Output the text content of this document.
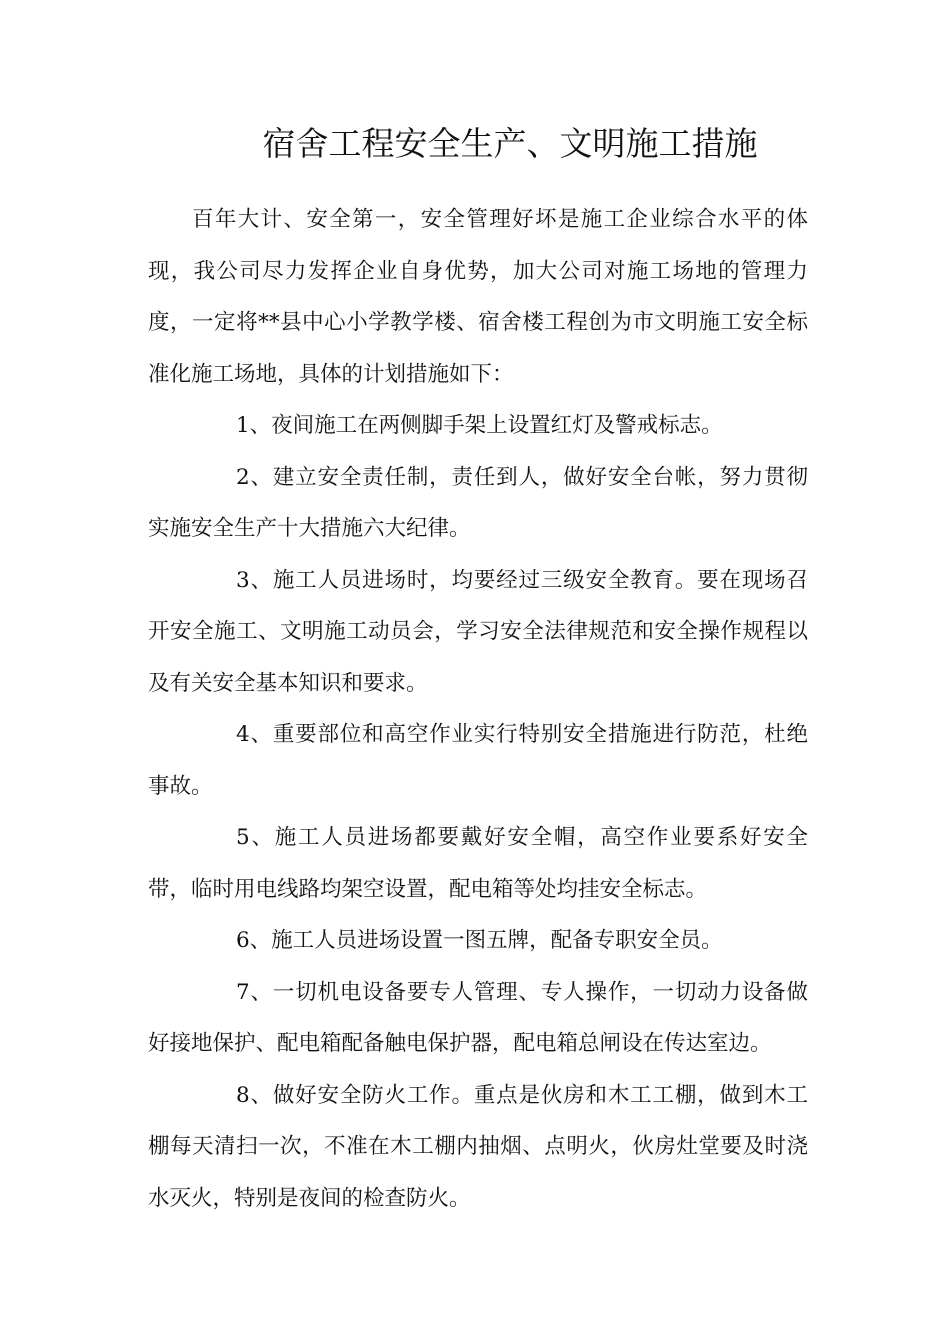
宿舍工程安全生产、文明施工措施

百年大计、安全第一，安全管理好坏是施工企业综合水平的体现，我公司尽力发挥企业自身优势，加大公司对施工场地的管理力度，一定将**县中心小学教学楼、宿舍楼工程创为市文明施工安全标准化施工场地，具体的计划措施如下：

1、夜间施工在两侧脚手架上设置红灯及警戒标志。

2、建立安全责任制，责任到人，做好安全台帐，努力贯彻实施安全生产十大措施六大纪律。

3、施工人员进场时，均要经过三级安全教育。要在现场召开安全施工、文明施工动员会，学习安全法律规范和安全操作规程以及有关安全基本知识和要求。

4、重要部位和高空作业实行特别安全措施进行防范，杜绝事故。

5、施工人员进场都要戴好安全帽，高空作业要系好安全带，临时用电线路均架空设置，配电箱等处均挂安全标志。

6、施工人员进场设置一图五牌，配备专职安全员。

7、一切机电设备要专人管理、专人操作，一切动力设备做好接地保护、配电箱配备触电保护器，配电箱总闸设在传达室边。

8、做好安全防火工作。重点是伙房和木工工棚，做到木工棚每天清扫一次，不准在木工棚内抽烟、点明火，伙房灶堂要及时浇水灭火，特别是夜间的检查防火。
